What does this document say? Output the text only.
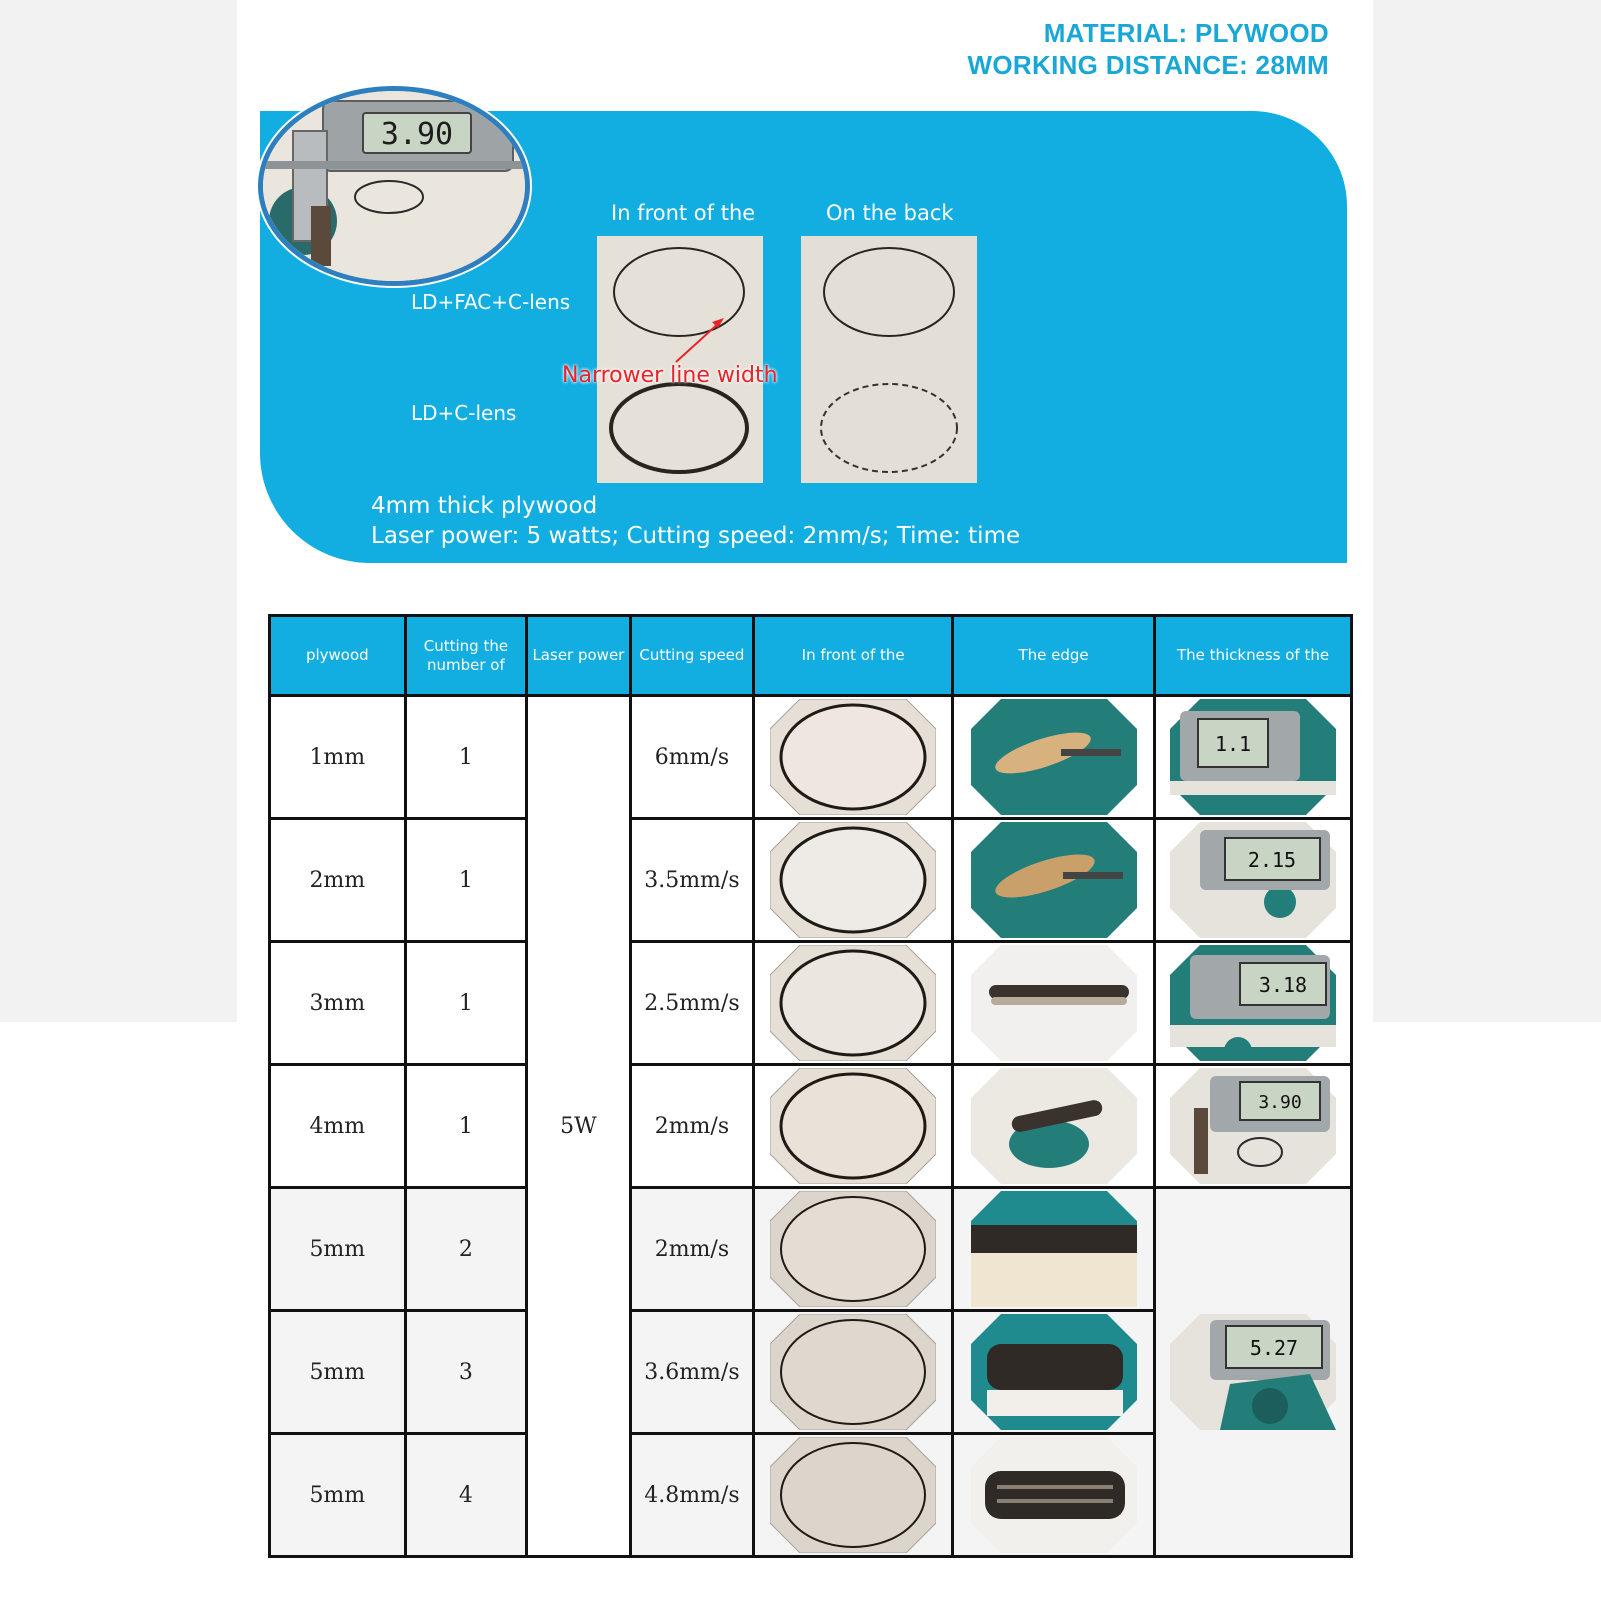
MATERIAL: PLYWOOD
WORKING DISTANCE: 28MM
3.90
In front of the	On the back
LD+FAC+C-lens
LD+C-lens
Narrower line width
4mm thick plywood
Laser power: 5 watts; Cutting speed: 2mm/s; Time: time
plywood	Cutting the number of	Laser power	Cutting speed	In front of the	The edge	The thickness of the
1mm	1	5W	6mm/s			1.1

2mm	1		3.5mm/s			2.15

3mm	1		2.5mm/s			3.18

4mm	1		2mm/s			3.90

5mm	2		2mm/s			5.27

5mm	3		3.6mm/s	

5mm	4		4.8mm/s	
